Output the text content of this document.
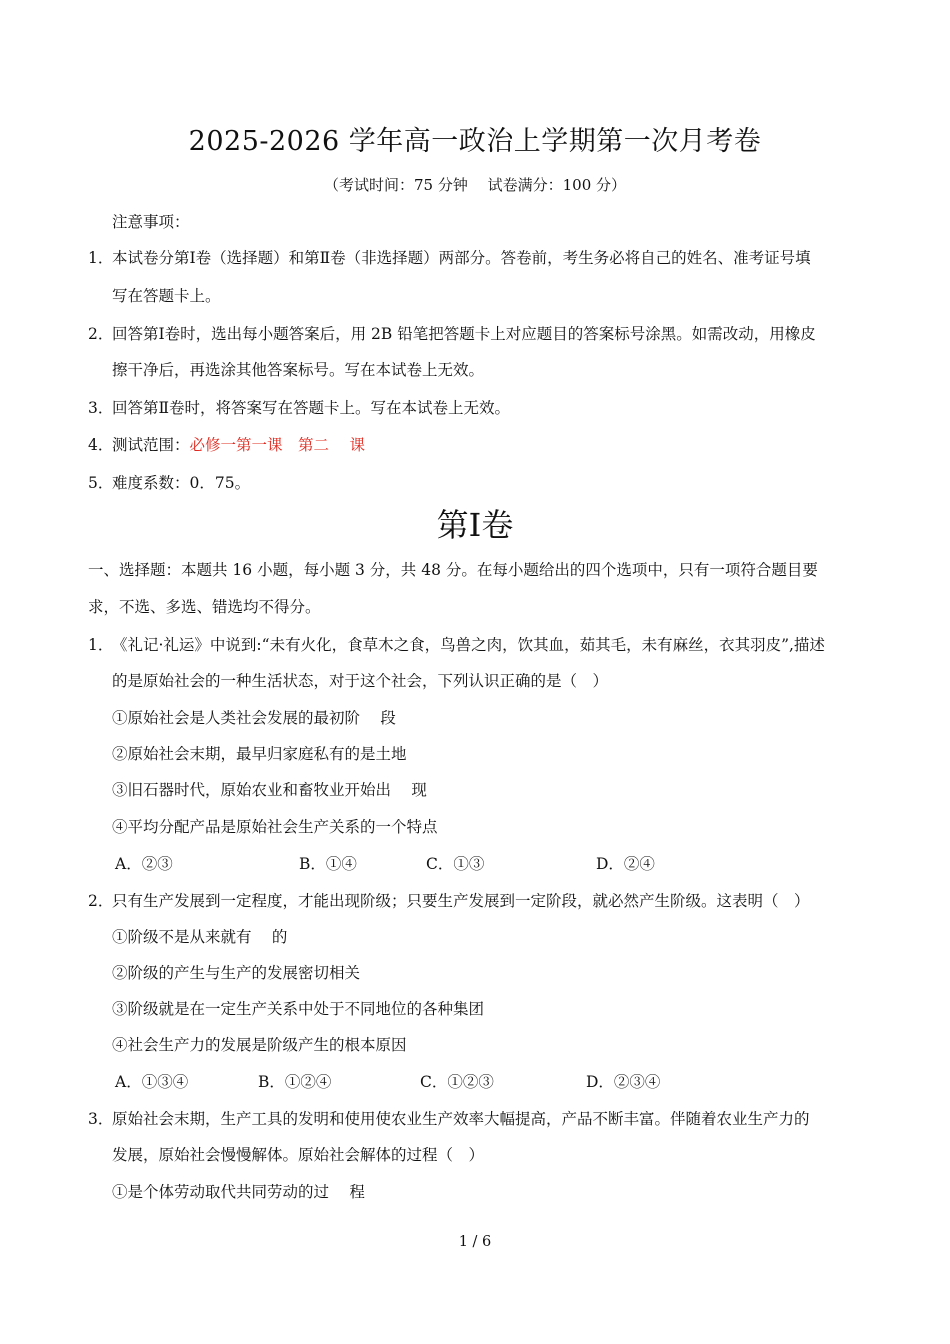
2025-2026 学年高一政治上学期第一次月考卷
（考试时间：75 分钟　 试卷满分：100 分）
注意事项：
1．
本试卷分第Ⅰ卷（选择题）和第Ⅱ卷（非选择题）两部分。答卷前，考生务必将自己的姓名、准考证号填
写在答题卡上。
2．
回答第Ⅰ卷时，选出每小题答案后，用 2B 铅笔把答题卡上对应题目的答案标号涂黑。如需改动，用橡皮
擦干净后，再选涂其他答案标号。写在本试卷上无效。
3．
回答第Ⅱ卷时，将答案写在答题卡上。写在本试卷上无效。
4．
测试范围：必修一第一课　第二　 课
5．
难度系数：0．75。
第Ⅰ卷
一、选择题：本题共 16 小题，每小题 3 分，共 48 分。在每小题给出的四个选项中，只有一项符合题目要
求，不选、多选、错选均不得分。
1．
《礼记·礼运》中说到:“未有火化，食草木之食，鸟兽之肉，饮其血，茹其毛，未有麻丝，衣其羽皮”,描述
的是原始社会的一种生活状态，对于这个社会，下列认识正确的是（　）
①原始社会是人类社会发展的最初阶　 段
②原始社会末期，最早归家庭私有的是土地
③旧石器时代，原始农业和畜牧业开始出　 现
④平均分配产品是原始社会生产关系的一个特点
A．②③	B．①④	C．①③	D．②④
2．
只有生产发展到一定程度，才能出现阶级；只要生产发展到一定阶段，就必然产生阶级。这表明（　）
①阶级不是从来就有　 的
②阶级的产生与生产的发展密切相关
③阶级就是在一定生产关系中处于不同地位的各种集团
④社会生产力的发展是阶级产生的根本原因
A．①③④	B．①②④	C．①②③	D．②③④
3．
原始社会末期，生产工具的发明和使用使农业生产效率大幅提高，产品不断丰富。伴随着农业生产力的
发展，原始社会慢慢解体。原始社会解体的过程（　）
①是个体劳动取代共同劳动的过　 程
1 / 6
